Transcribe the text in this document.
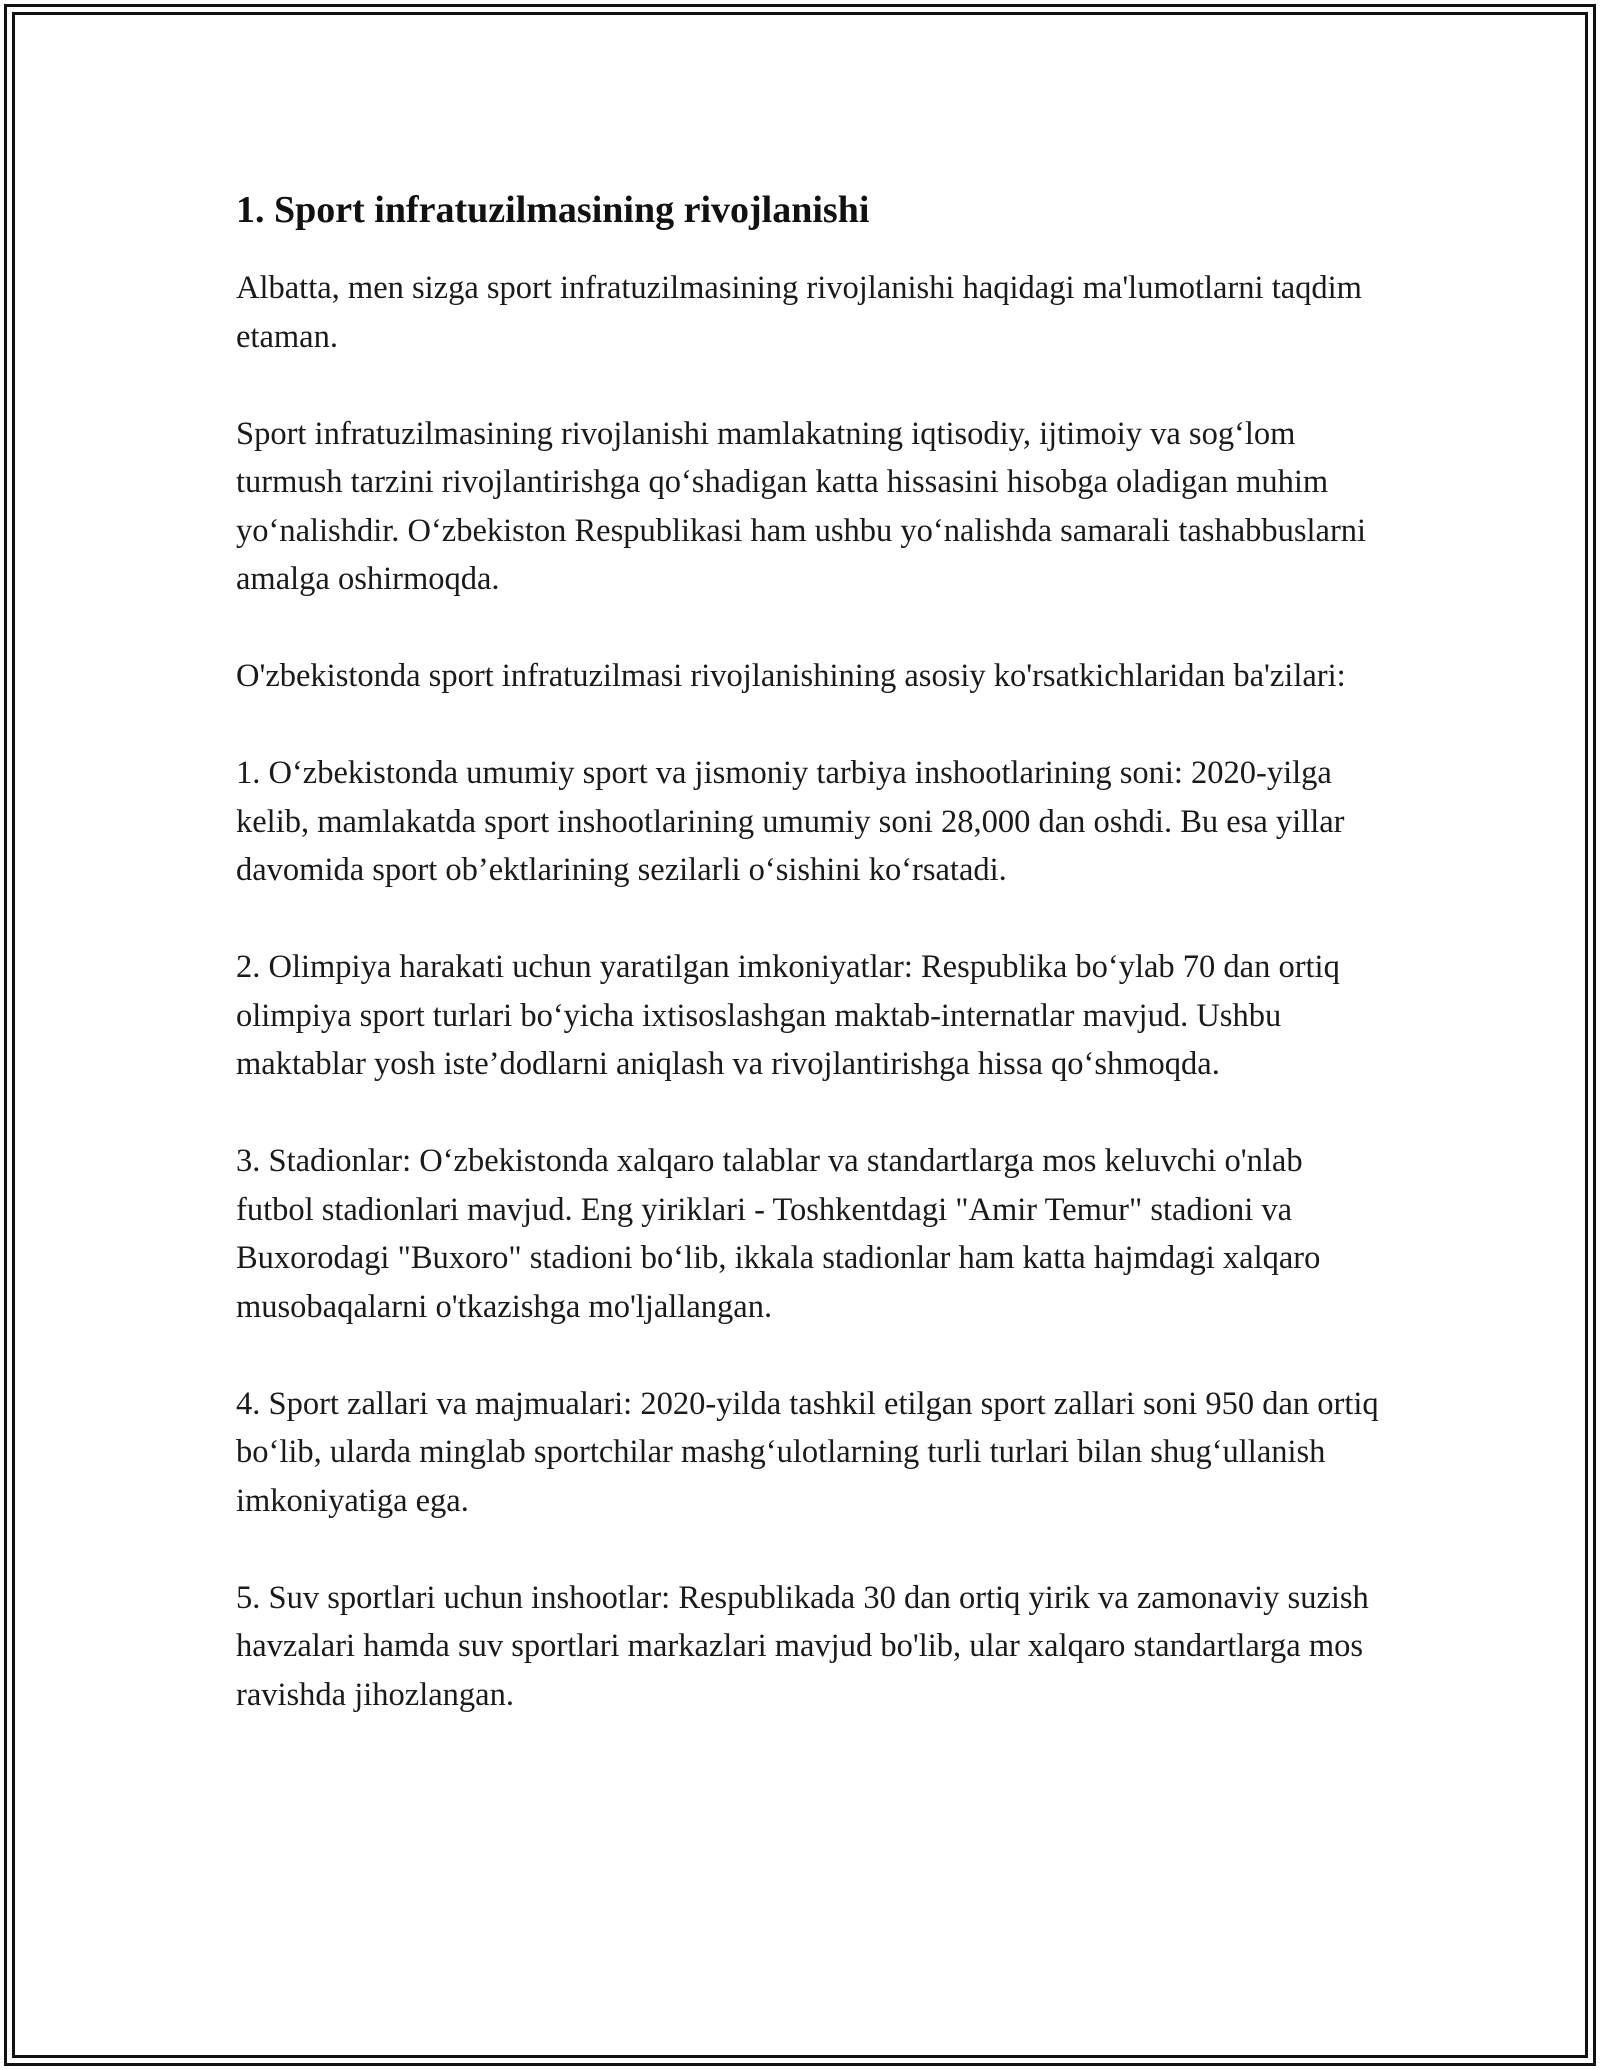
1. Sport infratuzilmasining rivojlanishi

Albatta, men sizga sport infratuzilmasining rivojlanishi haqidagi ma'lumotlarni taqdim etaman.

Sport infratuzilmasining rivojlanishi mamlakatning iqtisodiy, ijtimoiy va sog‘lom turmush tarzini rivojlantirishga qo‘shadigan katta hissasini hisobga oladigan muhim yo‘nalishdir. O‘zbekiston Respublikasi ham ushbu yo‘nalishda samarali tashabbuslarni amalga oshirmoqda.

O'zbekistonda sport infratuzilmasi rivojlanishining asosiy ko'rsatkichlaridan ba'zilari:

1. O‘zbekistonda umumiy sport va jismoniy tarbiya inshootlarining soni: 2020-yilga kelib, mamlakatda sport inshootlarining umumiy soni 28,000 dan oshdi. Bu esa yillar davomida sport ob’ektlarining sezilarli o‘sishini ko‘rsatadi.

2. Olimpiya harakati uchun yaratilgan imkoniyatlar: Respublika bo‘ylab 70 dan ortiq olimpiya sport turlari bo‘yicha ixtisoslashgan maktab-internatlar mavjud. Ushbu maktablar yosh iste’dodlarni aniqlash va rivojlantirishga hissa qo‘shmoqda.

3. Stadionlar: O‘zbekistonda xalqaro talablar va standartlarga mos keluvchi o'nlab futbol stadionlari mavjud. Eng yiriklari - Toshkentdagi "Amir Temur" stadioni va Buxorodagi "Buxoro" stadioni bo‘lib, ikkala stadionlar ham katta hajmdagi xalqaro musobaqalarni o'tkazishga mo'ljallangan.

4. Sport zallari va majmualari: 2020-yilda tashkil etilgan sport zallari soni 950 dan ortiq bo‘lib, ularda minglab sportchilar mashg‘ulotlarning turli turlari bilan shug‘ullanish imkoniyatiga ega.

5. Suv sportlari uchun inshootlar: Respublikada 30 dan ortiq yirik va zamonaviy suzish havzalari hamda suv sportlari markazlari mavjud bo'lib, ular xalqaro standartlarga mos ravishda jihozlangan.
